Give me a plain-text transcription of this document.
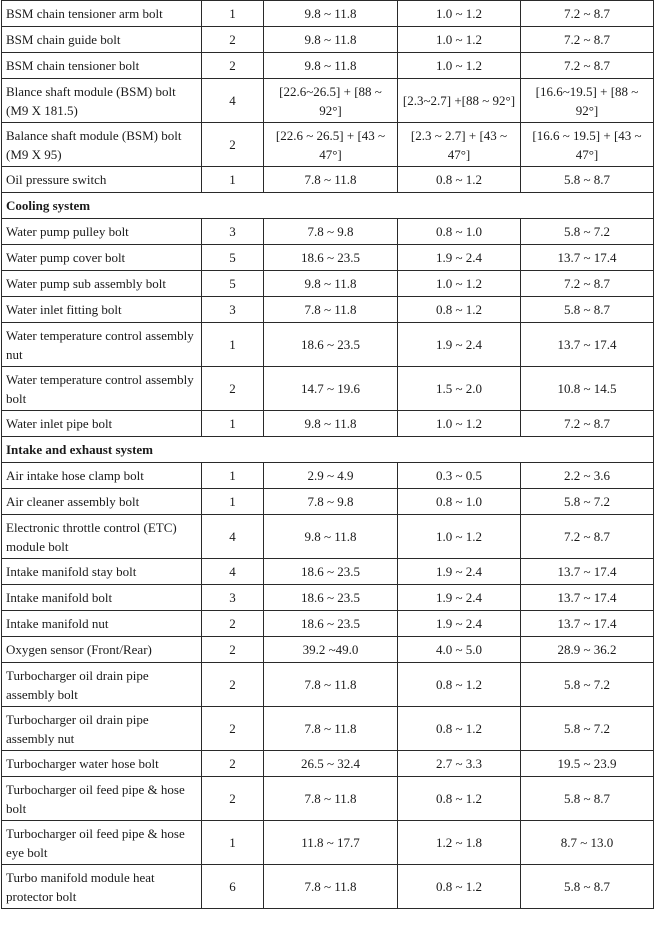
BSM chain tensioner arm bolt	1	9.8 ~ 11.8	1.0 ~ 1.2	7.2 ~ 8.7
BSM chain guide bolt	2	9.8 ~ 11.8	1.0 ~ 1.2	7.2 ~ 8.7
BSM chain tensioner bolt	2	9.8 ~ 11.8	1.0 ~ 1.2	7.2 ~ 8.7
Blance shaft module (BSM) bolt (M9 X 181.5)	4	[22.6~26.5] + [88 ~ 92°]	[2.3~2.7] +[88 ~ 92°]	[16.6~19.5] + [88 ~ 92°]
Balance shaft module (BSM) bolt (M9 X 95)	2	[22.6 ~ 26.5] + [43 ~ 47°]	[2.3 ~ 2.7] + [43 ~ 47°]	[16.6 ~ 19.5] + [43 ~ 47°]
Oil pressure switch	1	7.8 ~ 11.8	0.8 ~ 1.2	5.8 ~ 8.7
Cooling system				
Water pump pulley bolt	3	7.8 ~ 9.8	0.8 ~ 1.0	5.8 ~ 7.2
Water pump cover bolt	5	18.6 ~ 23.5	1.9 ~ 2.4	13.7 ~ 17.4
Water pump sub assembly bolt	5	9.8 ~ 11.8	1.0 ~ 1.2	7.2 ~ 8.7
Water inlet fitting bolt	3	7.8 ~ 11.8	0.8 ~ 1.2	5.8 ~ 8.7
Water temperature control assembly nut	1	18.6 ~ 23.5	1.9 ~ 2.4	13.7 ~ 17.4
Water temperature control assembly bolt	2	14.7 ~ 19.6	1.5 ~ 2.0	10.8 ~ 14.5
Water inlet pipe bolt	1	9.8 ~ 11.8	1.0 ~ 1.2	7.2 ~ 8.7
Intake and exhaust system				
Air intake hose clamp bolt	1	2.9 ~ 4.9	0.3 ~ 0.5	2.2 ~ 3.6
Air cleaner assembly bolt	1	7.8 ~ 9.8	0.8 ~ 1.0	5.8 ~ 7.2
Electronic throttle control (ETC) module bolt	4	9.8 ~ 11.8	1.0 ~ 1.2	7.2 ~ 8.7
Intake manifold stay bolt	4	18.6 ~ 23.5	1.9 ~ 2.4	13.7 ~ 17.4
Intake manifold bolt	3	18.6 ~ 23.5	1.9 ~ 2.4	13.7 ~ 17.4
Intake manifold nut	2	18.6 ~ 23.5	1.9 ~ 2.4	13.7 ~ 17.4
Oxygen sensor (Front/Rear)	2	39.2 ~49.0	4.0 ~ 5.0	28.9 ~ 36.2
Turbocharger oil drain pipe assembly bolt	2	7.8 ~ 11.8	0.8 ~ 1.2	5.8 ~ 7.2
Turbocharger oil drain pipe assembly nut	2	7.8 ~ 11.8	0.8 ~ 1.2	5.8 ~ 7.2
Turbocharger water hose bolt	2	26.5 ~ 32.4	2.7 ~ 3.3	19.5 ~ 23.9
Turbocharger oil feed pipe & hose bolt	2	7.8 ~ 11.8	0.8 ~ 1.2	5.8 ~ 8.7
Turbocharger oil feed pipe & hose eye bolt	1	11.8 ~ 17.7	1.2 ~ 1.8	8.7 ~ 13.0
Turbo manifold module heat protector bolt	6	7.8 ~ 11.8	0.8 ~ 1.2	5.8 ~ 8.7
